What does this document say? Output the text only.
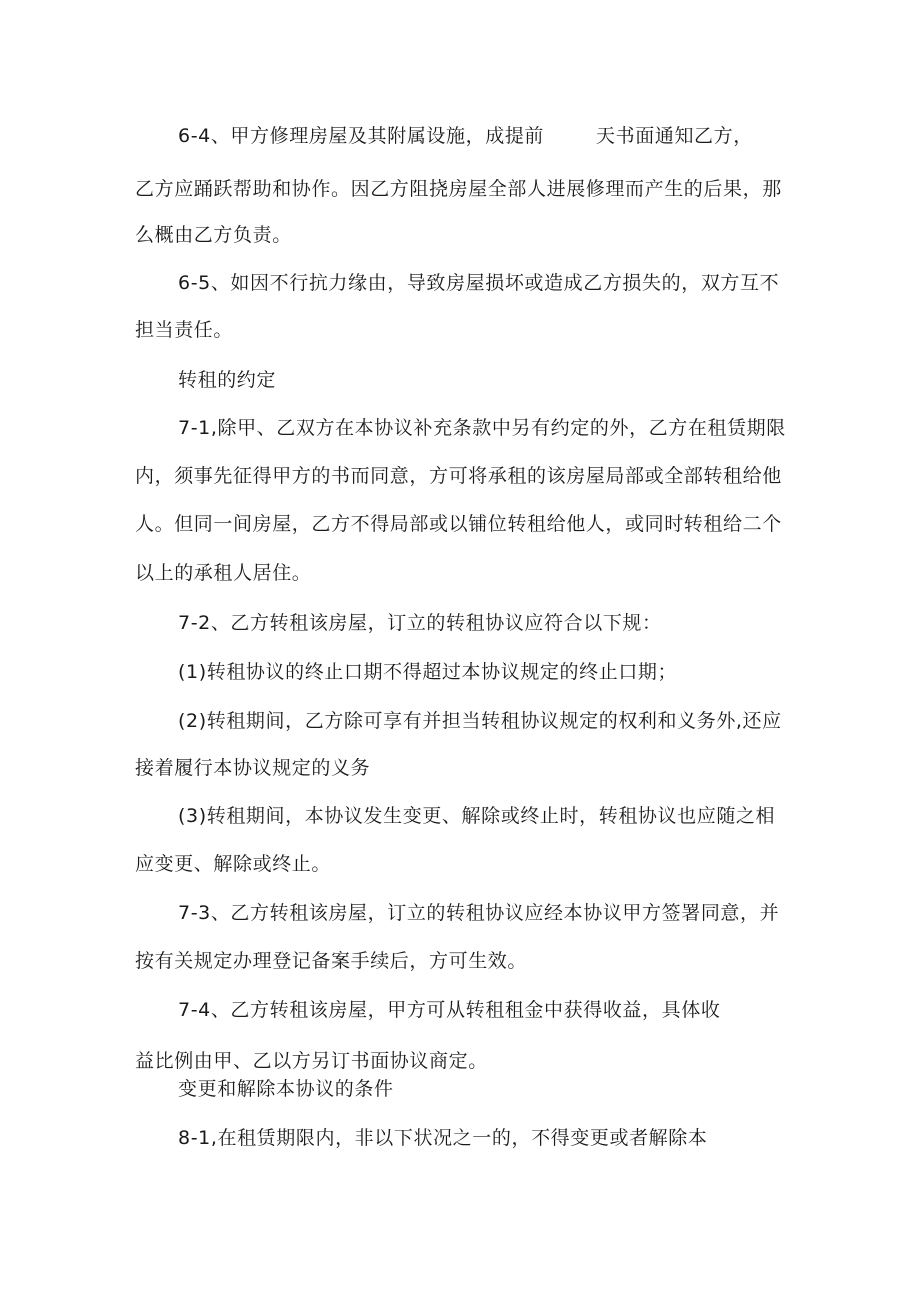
6-4、甲方修理房屋及其附属设施，成提前	天书面通知乙方，
乙方应踊跃帮助和协作。因乙方阻挠房屋全部人进展修理而产生的后果，那
么概由乙方负责。
6-5、如因不行抗力缘由，导致房屋损坏或造成乙方损失的，双方互不
担当责任。
转租的约定
7-1,除甲、乙双方在本协议补充条款中另有约定的外，乙方在租赁期限
内，须事先征得甲方的书而同意，方可将承租的该房屋局部或全部转租给他
人。但同一间房屋，乙方不得局部或以铺位转租给他人，或同时转租给二个
以上的承租人居住。
7-2、乙方转租该房屋，订立的转租协议应符合以下规：
(1)转租协议的终止口期不得超过本协议规定的终止口期；
(2)转租期间，乙方除可享有并担当转租协议规定的权利和义务外,还应
接着履行本协议规定的义务
(3)转租期间，本协议发生变更、解除或终止时，转租协议也应随之相
应变更、解除或终止。
7-3、乙方转租该房屋，订立的转租协议应经本协议甲方签署同意，并
按有关规定办理登记备案手续后，方可生效。
7-4、乙方转租该房屋，甲方可从转租租金中获得收益，具体收
益比例由甲、乙以方另订书面协议商定。
变更和解除本协议的条件
8-1,在租赁期限内，非以下状况之一的，不得变更或者解除本
